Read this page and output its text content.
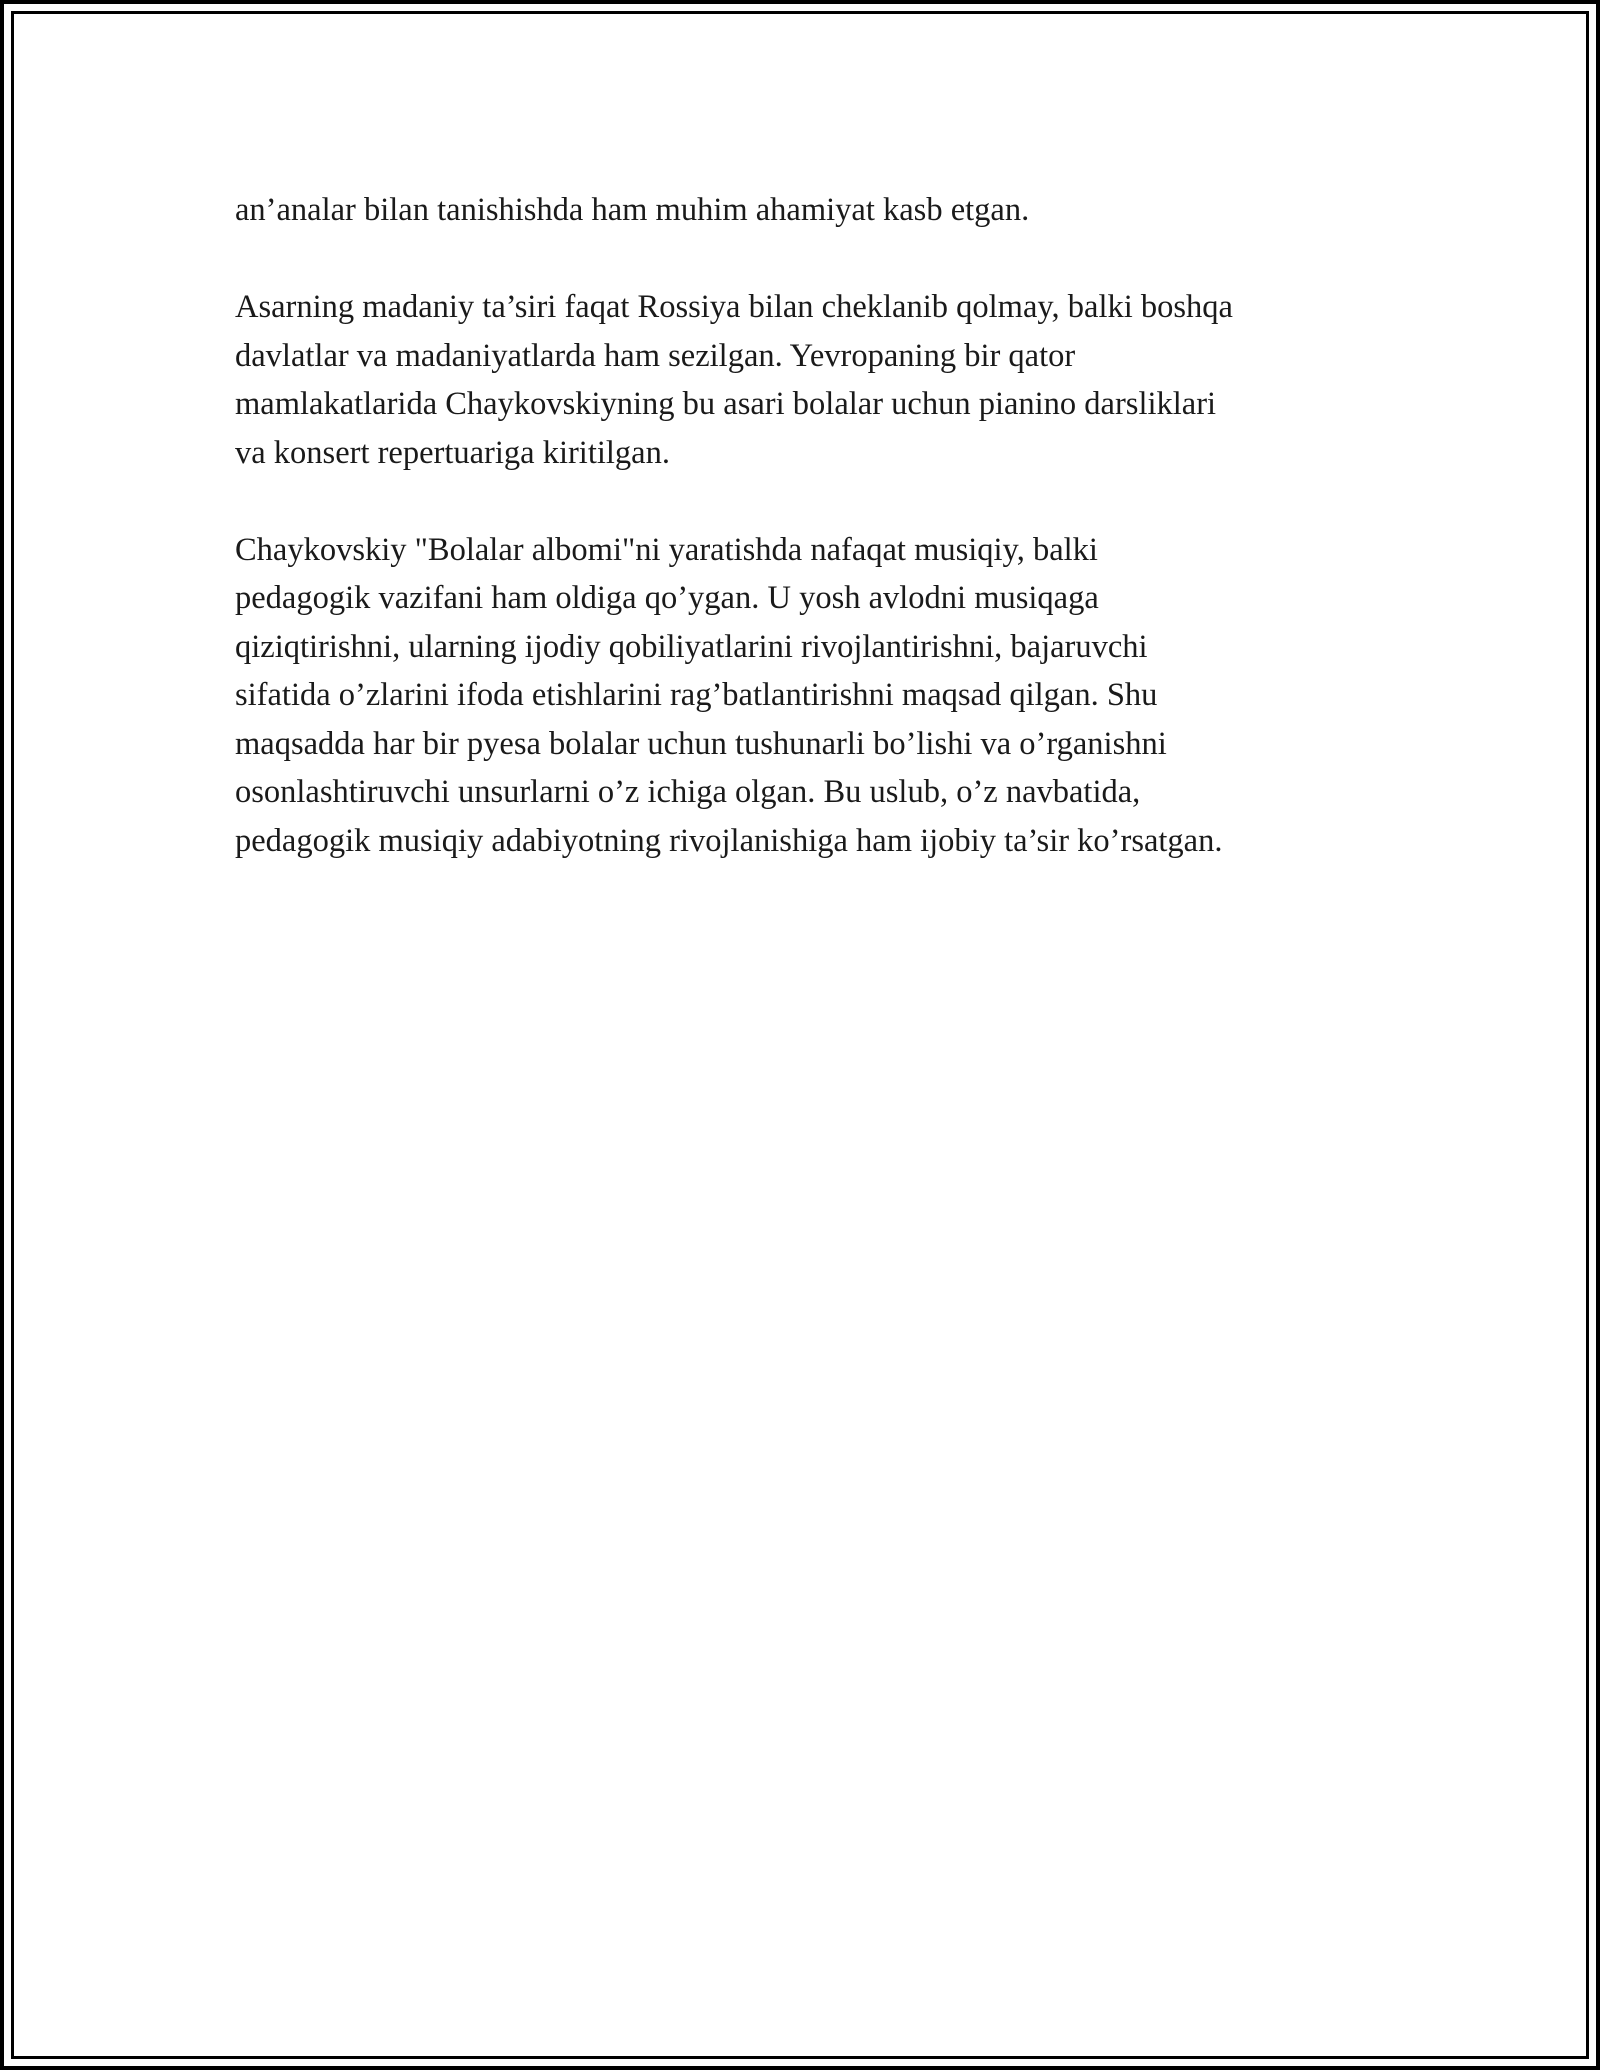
an’analar bilan tanishishda ham muhim ahamiyat kasb etgan.

Asarning madaniy ta’siri faqat Rossiya bilan cheklanib qolmay, balki boshqa
davlatlar va madaniyatlarda ham sezilgan. Yevropaning bir qator
mamlakatlarida Chaykovskiyning bu asari bolalar uchun pianino darsliklari
va konsert repertuariga kiritilgan.

Chaykovskiy "Bolalar albomi"ni yaratishda nafaqat musiqiy, balki
pedagogik vazifani ham oldiga qo’ygan. U yosh avlodni musiqaga
qiziqtirishni, ularning ijodiy qobiliyatlarini rivojlantirishni, bajaruvchi
sifatida o’zlarini ifoda etishlarini rag’batlantirishni maqsad qilgan. Shu
maqsadda har bir pyesa bolalar uchun tushunarli bo’lishi va o’rganishni
osonlashtiruvchi unsurlarni o’z ichiga olgan. Bu uslub, o’z navbatida,
pedagogik musiqiy adabiyotning rivojlanishiga ham ijobiy ta’sir ko’rsatgan.
